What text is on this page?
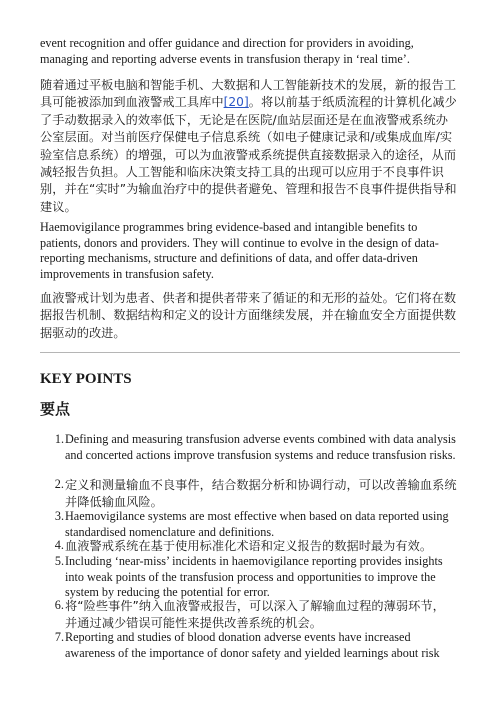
event recognition and offer guidance and direction for providers in avoiding, managing and reporting adverse events in transfusion therapy in ‘real time’.

随着通过平板电脑和智能手机、大数据和人工智能新技术的发展，新的报告工具可能被添加到血液警戒工具库中[20]。将以前基于纸质流程的计算机化减少了手动数据录入的效率低下，无论是在医院/血站层面还是在血液警戒系统办公室层面。对当前医疗保健电子信息系统（如电子健康记录和/或集成血库/实验室信息系统）的增强，可以为血液警戒系统提供直接数据录入的途径，从而减轻报告负担。人工智能和临床决策支持工具的出现可以应用于不良事件识别，并在“实时”为输血治疗中的提供者避免、管理和报告不良事件提供指导和建议。

Haemovigilance programmes bring evidence-based and intangible benefits to patients, donors and providers. They will continue to evolve in the design of data-reporting mechanisms, structure and definitions of data, and offer data-driven improvements in transfusion safety.

血液警戒计划为患者、供者和提供者带来了循证的和无形的益处。它们将在数据报告机制、数据结构和定义的设计方面继续发展，并在输血安全方面提供数据驱动的改进。

KEY POINTS
要点
1. Defining and measuring transfusion adverse events combined with data analysis and concerted actions improve transfusion systems and reduce transfusion risks.

2. 定义和测量输血不良事件，结合数据分析和协调行动，可以改善输血系统并降低输血风险。

3. Haemovigilance systems are most effective when based on data reported using standardised nomenclature and definitions.

4. 血液警戒系统在基于使用标准化术语和定义报告的数据时最为有效。

5. Including ‘near-miss’ incidents in haemovigilance reporting provides insights into weak points of the transfusion process and opportunities to improve the system by reducing the potential for error.

6. 将“险些事件”纳入血液警戒报告，可以深入了解输血过程的薄弱环节，并通过减少错误可能性来提供改善系统的机会。

7. Reporting and studies of blood donation adverse events have increased awareness of the importance of donor safety and yielded learnings about risk
